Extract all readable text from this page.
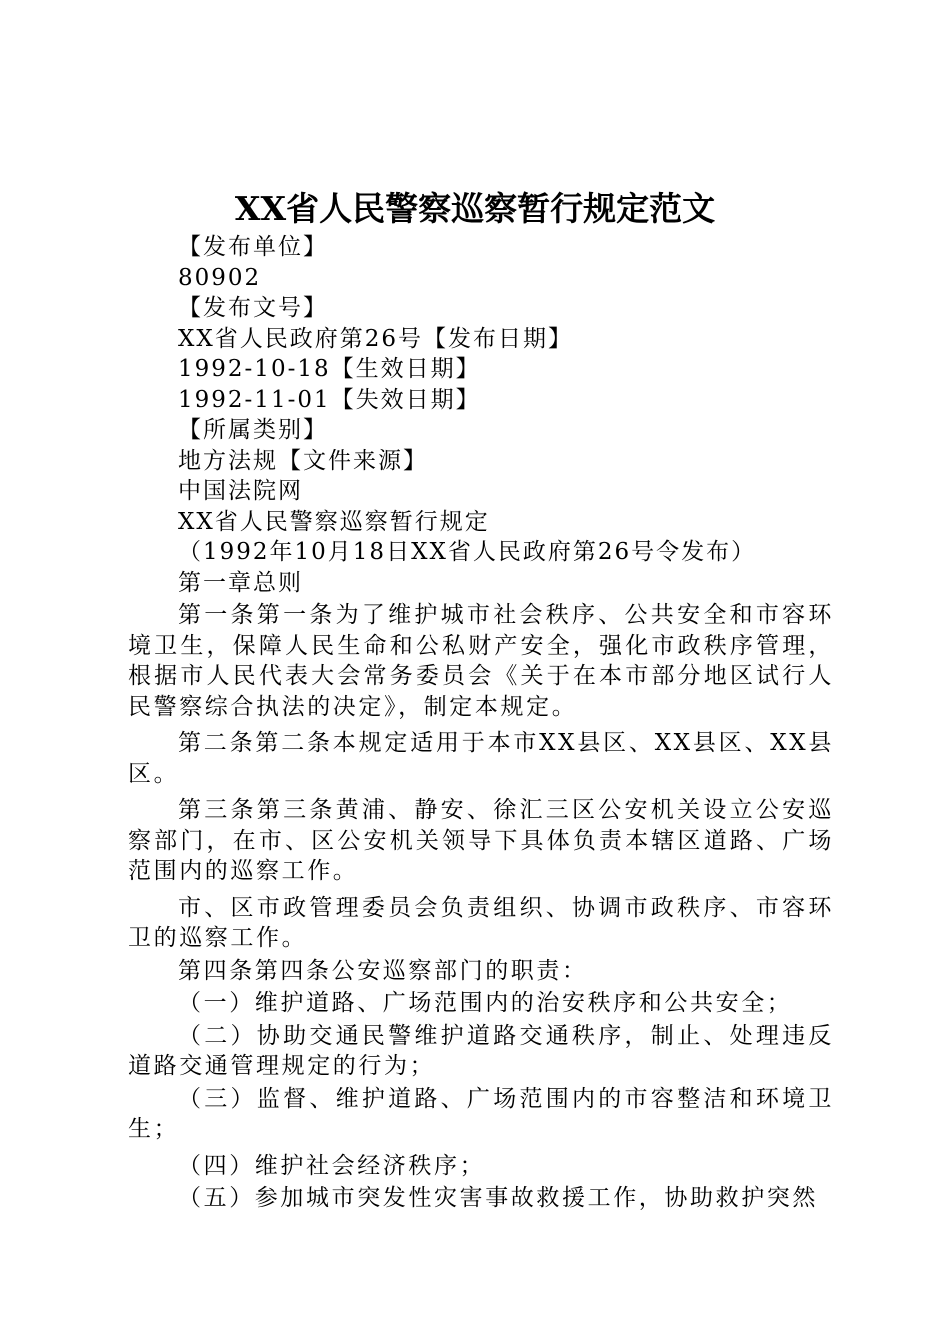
XX省人民警察巡察暂行规定范文
【发布单位】
80902
【发布文号】
XX省人民政府第26号【发布日期】
1992-10-18【生效日期】
1992-11-01【失效日期】
【所属类别】
地方法规【文件来源】
中国法院网
XX省人民警察巡察暂行规定
（1992年10月18日XX省人民政府第26号令发布）
第一章总则

第一条第一条为了维护城市社会秩序、公共安全和市容环境卫生，保障人民生命和公私财产安全，强化市政秩序管理，根据市人民代表大会常务委员会《关于在本市部分地区试行人民警察综合执法的决定》，制定本规定。

第二条第二条本规定适用于本市XX县区、XX县区、XX县区。

第三条第三条黄浦、静安、徐汇三区公安机关设立公安巡察部门，在市、区公安机关领导下具体负责本辖区道路、广场范围内的巡察工作。

市、区市政管理委员会负责组织、协调市政秩序、市容环卫的巡察工作。

第四条第四条公安巡察部门的职责：

（一）维护道路、广场范围内的治安秩序和公共安全；

（二）协助交通民警维护道路交通秩序，制止、处理违反道路交通管理规定的行为；

（三）监督、维护道路、广场范围内的市容整洁和环境卫生；

（四）维护社会经济秩序；

（五）参加城市突发性灾害事故救援工作，协助救护突然
